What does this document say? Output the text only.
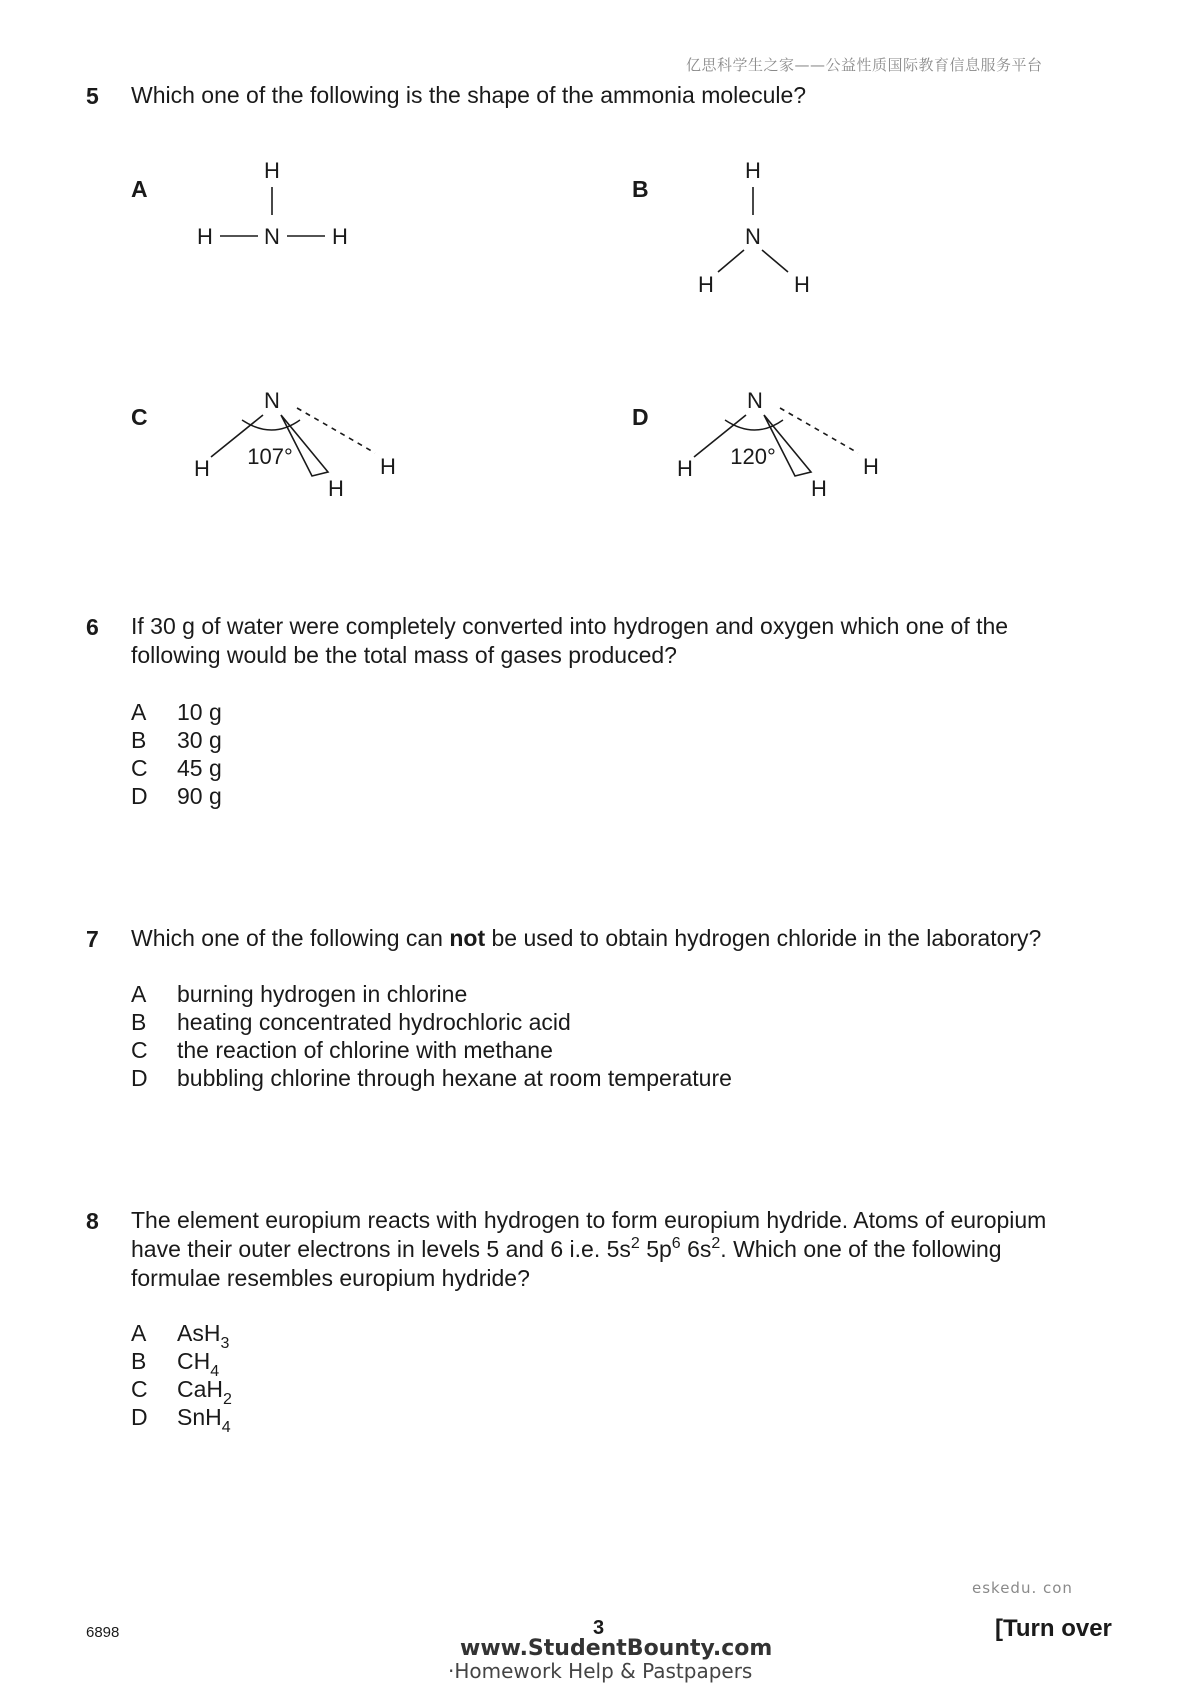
亿思科学生之家——公益性质国际教育信息服务平台
5 Which one of the following is the shape of the ammonia molecule?
A	B
C	D
H
H N H
H
N
H	H
N
107°
H
H
H
N
120°
H
H
H
6 If 30 g of water were completely converted into hydrogen and oxygen which one of the
following would be the total mass of gases produced?
A 10 g
B 30 g
C 45 g
D 90 g
7 Which one of the following can not be used to obtain hydrogen chloride in the laboratory?
A burning hydrogen in chlorine
B heating concentrated hydrochloric acid
C the reaction of chlorine with methane
D bubbling chlorine through hexane at room temperature
8 The element europium reacts with hydrogen to form europium hydride. Atoms of europium
have their outer electrons in levels 5 and 6 i.e. $5s^2$ $5p^6$ $6s^2$. Which one of the following
formulae resembles europium hydride?
A AsH$_3$
B $CH_4$
C CaH$_2$
D SnH$_4$
eskedu. con
6898	3	[Turn over
www.StudentBounty.com
·Homework Help & Pastpapers
